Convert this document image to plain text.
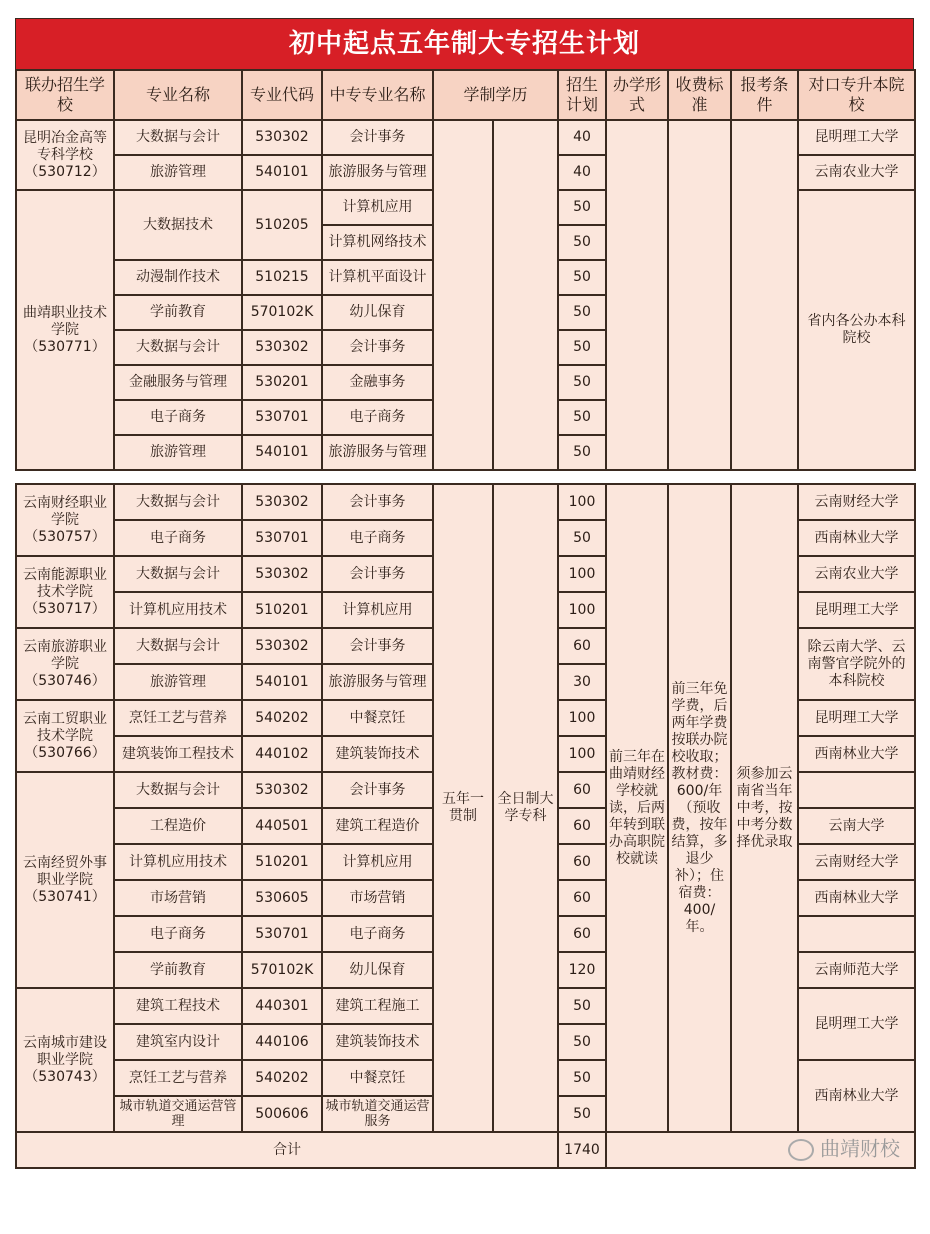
初中起点五年制大专招生计划
联办招生学校	专业名称	专业代码	中专专业名称	学制学历		招生计划	办学形式	收费标准	报考条件	对口专升本院校
昆明冶金高等专科学校（530712）	大数据与会计	530302	会计事务			40				昆明理工大学
	旅游管理	540101	旅游服务与管理			40				云南农业大学
曲靖职业技术学院（530771）	大数据技术	510205	计算机应用			50				省内各公办本科院校
			计算机网络技术			50				
	动漫制作技术	510215	计算机平面设计			50				
	学前教育	570102K	幼儿保育			50				
	大数据与会计	530302	会计事务			50				
	金融服务与管理	530201	金融事务			50				
	电子商务	530701	电子商务			50				
	旅游管理	540101	旅游服务与管理			50				
云南财经职业学院（530757）	大数据与会计	530302	会计事务	五年一贯制	全日制大学专科	100	前三年在曲靖财经学校就读，后两年转到联办高职院校就读	前三年免学费，后两年学费按联办院校收取；教材费：600/年（预收费，按年结算，多退少补）；住宿费：400/年。	须参加云南省当年中考，按中考分数择优录取	云南财经大学
	电子商务	530701	电子商务			50				西南林业大学
云南能源职业技术学院（530717）	大数据与会计	530302	会计事务			100				云南农业大学
	计算机应用技术	510201	计算机应用			100				昆明理工大学
云南旅游职业学院（530746）	大数据与会计	530302	会计事务			60				除云南大学、云南警官学院外的本科院校
	旅游管理	540101	旅游服务与管理			30				
云南工贸职业技术学院（530766）	烹饪工艺与营养	540202	中餐烹饪			100				昆明理工大学
	建筑装饰工程技术	440102	建筑装饰技术			100				西南林业大学
云南经贸外事职业学院（530741）	大数据与会计	530302	会计事务			60				
	工程造价	440501	建筑工程造价			60				云南大学
	计算机应用技术	510201	计算机应用			60				云南财经大学
	市场营销	530605	市场营销			60				西南林业大学
	电子商务	530701	电子商务			60				
	学前教育	570102K	幼儿保育			120				云南师范大学
云南城市建设职业学院（530743）	建筑工程技术	440301	建筑工程施工			50				昆明理工大学
	建筑室内设计	440106	建筑装饰技术			50				
	烹饪工艺与营养	540202	中餐烹饪			50				西南林业大学
	城市轨道交通运营管理	500606	城市轨道交通运营服务			50				
合计						1740	曲靖财校			
